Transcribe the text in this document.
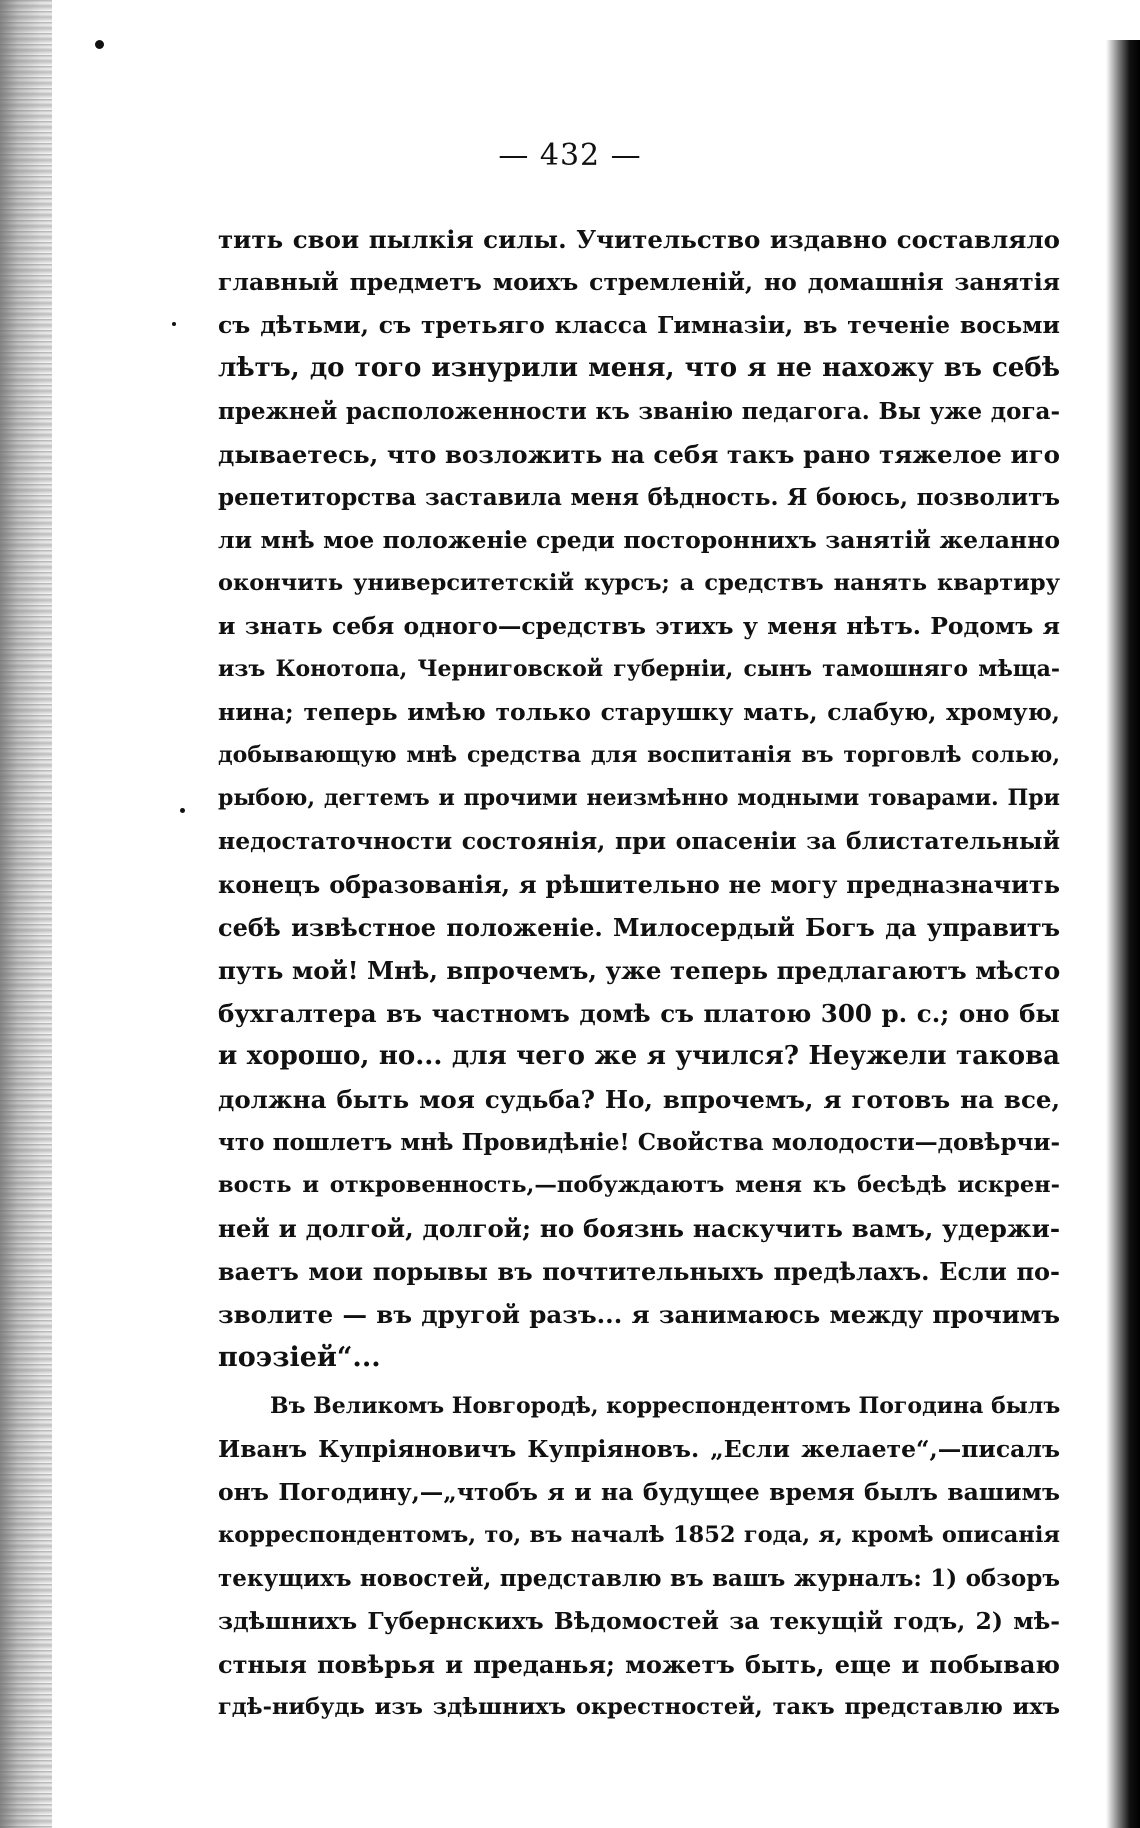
— 432 —
тить свои пылкія силы. Учительство издавно составляло
главный предметъ моихъ стремленій, но домашнія занятія
съ дѣтьми, съ третьяго класса Гимназіи, въ теченіе восьми
лѣтъ, до того изнурили меня, что я не нахожу въ себѣ
прежней расположенности къ званію педагога. Вы уже дога-
дываетесь, что возложить на себя такъ рано тяжелое иго
репетиторства заставила меня бѣдность. Я боюсь, позволитъ
ли мнѣ мое положеніе среди постороннихъ занятій желанно
окончить университетскій курсъ; а средствъ нанять квартиру
и знать себя одного—средствъ этихъ у меня нѣтъ. Родомъ я
изъ Конотопа, Черниговской губерніи, сынъ тамошняго мѣща-
нина; теперь имѣю только старушку мать, слабую, хромую,
добывающую мнѣ средства для воспитанія въ торговлѣ солью,
рыбою, дегтемъ и прочими неизмѣнно модными товарами. При
недостаточности состоянія, при опасеніи за блистательный
конецъ образованія, я рѣшительно не могу предназначить
себѣ извѣстное положеніе. Милосердый Богъ да управитъ
путь мой! Мнѣ, впрочемъ, уже теперь предлагаютъ мѣсто
бухгалтера въ частномъ домѣ съ платою 300 р. с.; оно бы
и хорошо, но... для чего же я учился? Неужели такова
должна быть моя судьба? Но, впрочемъ, я готовъ на все,
что пошлетъ мнѣ Провидѣніе! Свойства молодости—довѣрчи-
вость и откровенность,—побуждаютъ меня къ бесѣдѣ искрен-
ней и долгой, долгой; но боязнь наскучить вамъ, удержи-
ваетъ мои порывы въ почтительныхъ предѣлахъ. Если по-
зволите — въ другой разъ... я занимаюсь между прочимъ
поэзіей“...
Въ Великомъ Новгородѣ, корреспондентомъ Погодина былъ
Иванъ Купріяновичъ Купріяновъ. „Если желаете“,—писалъ
онъ Погодину,—„чтобъ я и на будущее время былъ вашимъ
корреспондентомъ, то, въ началѣ 1852 года, я, кромѣ описанія
текущихъ новостей, представлю въ вашъ журналъ: 1) обзоръ
здѣшнихъ Губернскихъ Вѣдомостей за текущій годъ, 2) мѣ-
стныя повѣрья и преданья; можетъ быть, еще и побываю
гдѣ-нибудь изъ здѣшнихъ окрестностей, такъ представлю ихъ
